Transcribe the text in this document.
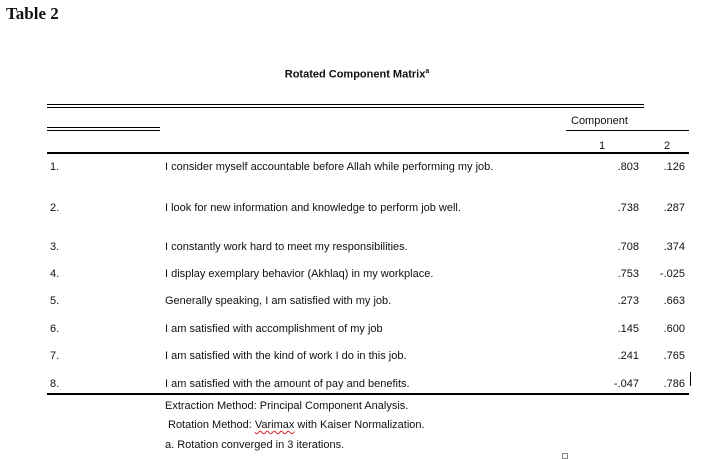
Table 2
Rotated Component Matrix$^a$
Component
1	2
1.	I consider myself accountable before Allah while performing my job.	.803 .126
2.	I look for new information and knowledge to perform job well.	.738 .287
3.	I constantly work hard to meet my responsibilities.	.708 .374
4.	I display exemplary behavior (Akhlaq) in my workplace.	.753 -.025
5.	Generally speaking, I am satisfied with my job.	.273 .663
6.	I am satisfied with accomplishment of my job	.145 .600
7.	I am satisfied with the kind of work I do in this job.	.241 .765
8.	I am satisfied with the amount of pay and benefits.	-.047 .786
Extraction Method: Principal Component Analysis.
Rotation Method: Varimax with Kaiser Normalization.
a. Rotation converged in 3 iterations.
